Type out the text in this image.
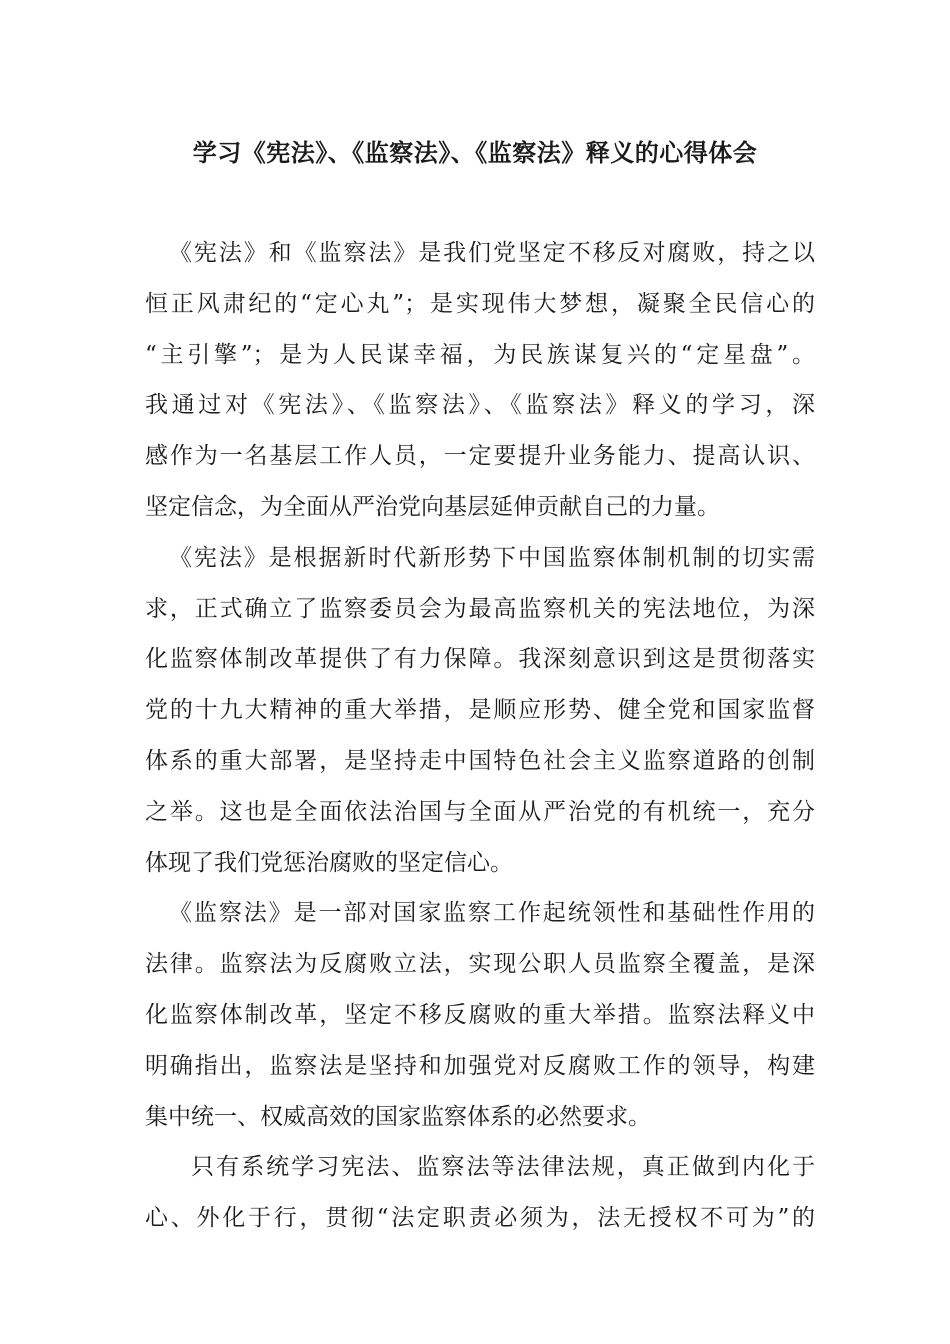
学习《宪法》、《监察法》、《监察法》释义的心得体会
《宪法》和《监察法》是我们党坚定不移反对腐败，持之以
恒正风肃纪的“定心丸”；是实现伟大梦想，凝聚全民信心的
“主引擎”；是为人民谋幸福，为民族谋复兴的“定星盘”。
我通过对《宪法》、《监察法》、《监察法》释义的学习，深
感作为一名基层工作人员，一定要提升业务能力、提高认识、
坚定信念，为全面从严治党向基层延伸贡献自己的力量。
《宪法》是根据新时代新形势下中国监察体制机制的切实需
求，正式确立了监察委员会为最高监察机关的宪法地位，为深
化监察体制改革提供了有力保障。我深刻意识到这是贯彻落实
党的十九大精神的重大举措，是顺应形势、健全党和国家监督
体系的重大部署，是坚持走中国特色社会主义监察道路的创制
之举。这也是全面依法治国与全面从严治党的有机统一，充分
体现了我们党惩治腐败的坚定信心。
《监察法》是一部对国家监察工作起统领性和基础性作用的
法律。监察法为反腐败立法，实现公职人员监察全覆盖，是深
化监察体制改革，坚定不移反腐败的重大举措。监察法释义中
明确指出，监察法是坚持和加强党对反腐败工作的领导，构建
集中统一、权威高效的国家监察体系的必然要求。
只有系统学习宪法、监察法等法律法规，真正做到内化于
心、外化于行，贯彻“法定职责必须为，法无授权不可为”的
